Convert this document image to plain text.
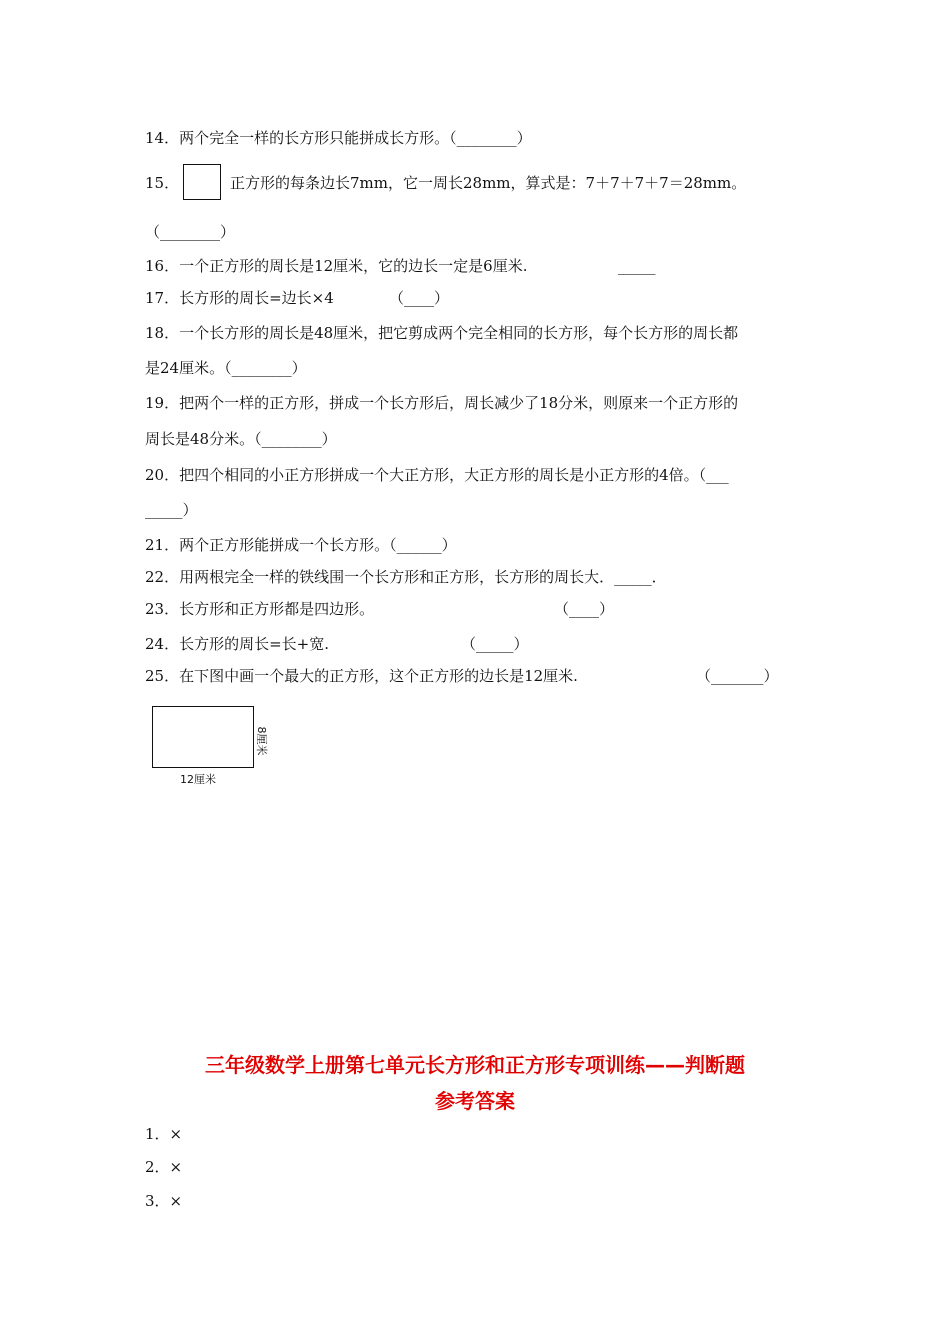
14．两个完全一样的长方形只能拼成长方形。（________）
15．	正方形的每条边长7mm，它一周长28mm，算式是：7＋7＋7＋7＝28mm。
（________）
16．一个正方形的周长是12厘米，它的边长一定是6厘米.	_____
17．长方形的周长=边长×4	（____）
18．一个长方形的周长是48厘米，把它剪成两个完全相同的长方形，每个长方形的周长都
是24厘米。（________）
19．把两个一样的正方形，拼成一个长方形后，周长减少了18分米，则原来一个正方形的
周长是48分米。（________）
20．把四个相同的小正方形拼成一个大正方形，大正方形的周长是小正方形的4倍。（___
_____）
21．两个正方形能拼成一个长方形。（______）
22．用两根完全一样的铁线围一个长方形和正方形，长方形的周长大．_____．
23．长方形和正方形都是四边形。	（____）
24．长方形的周长=长+宽.	（_____）
25．在下图中画一个最大的正方形，这个正方形的边长是12厘米.	（_______）
12厘米
8厘米
三年级数学上册第七单元长方形和正方形专项训练——判断题
参考答案
1．×
2．×
3．×
